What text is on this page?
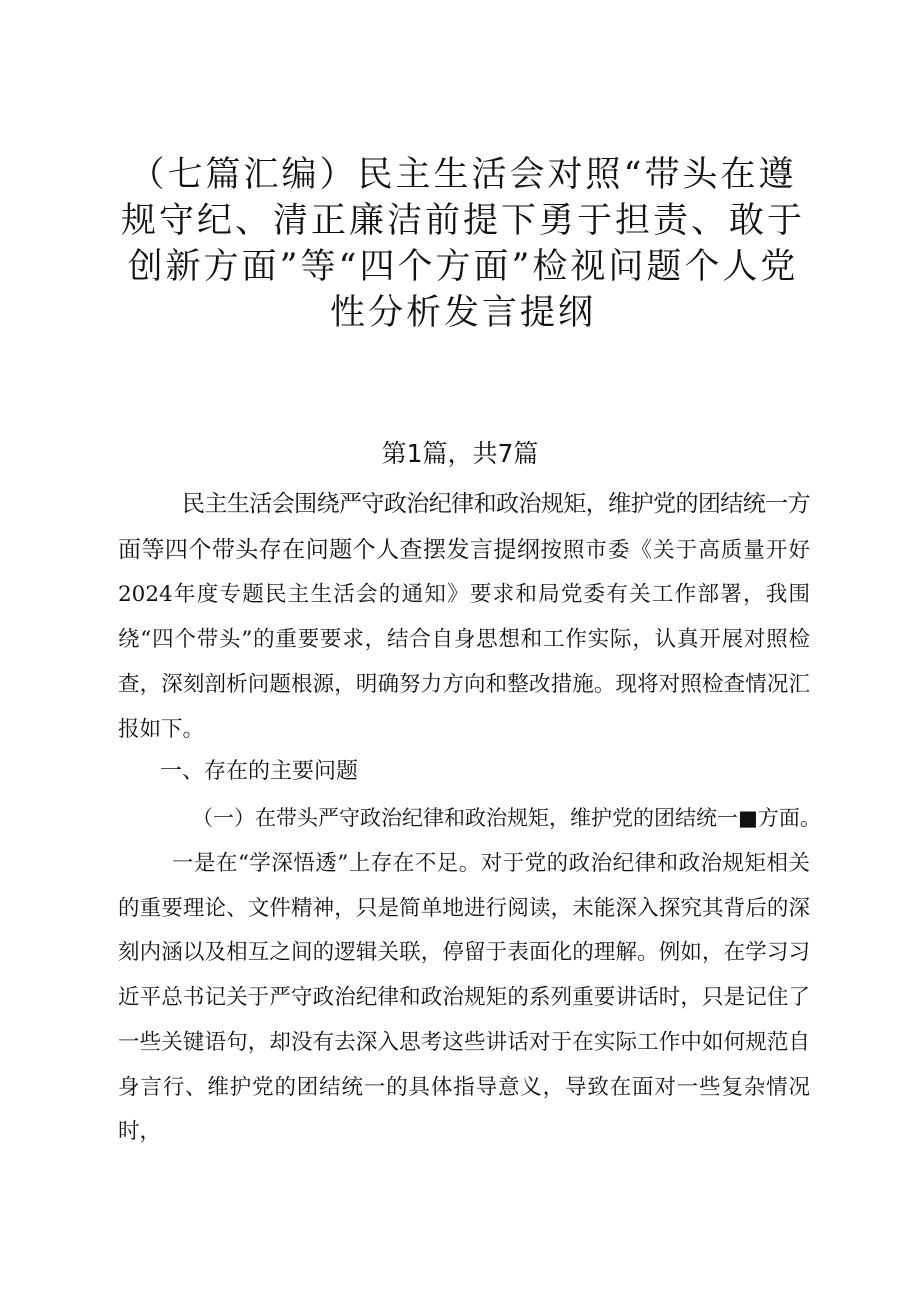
（七篇汇编）民主生活会对照“带头在遵规守纪、清正廉洁前提下勇于担责、敢于创新方面”等“四个方面”检视问题个人党性分析发言提纲
第1篇，共7篇

民主生活会围绕严守政治纪律和政治规矩，维护党的团结统一方面等四个带头存在问题个人查摆发言提纲按照市委《关于高质量开好2024年度专题民主生活会的通知》要求和局党委有关工作部署，我围绕“四个带头”的重要要求，结合自身思想和工作实际，认真开展对照检查，深刻剖析问题根源，明确努力方向和整改措施。现将对照检查情况汇报如下。

一、存在的主要问题
（一）在带头严守政治纪律和政治规矩，维护党的团结统一■方面。

一是在“学深悟透”上存在不足。对于党的政治纪律和政治规矩相关的重要理论、文件精神，只是简单地进行阅读，未能深入探究其背后的深刻内涵以及相互之间的逻辑关联，停留于表面化的理解。例如，在学习习近平总书记关于严守政治纪律和政治规矩的系列重要讲话时，只是记住了一些关键语句，却没有去深入思考这些讲话对于在实际工作中如何规范自身言行、维护党的团结统一的具体指导意义，导致在面对一些复杂情况时，
